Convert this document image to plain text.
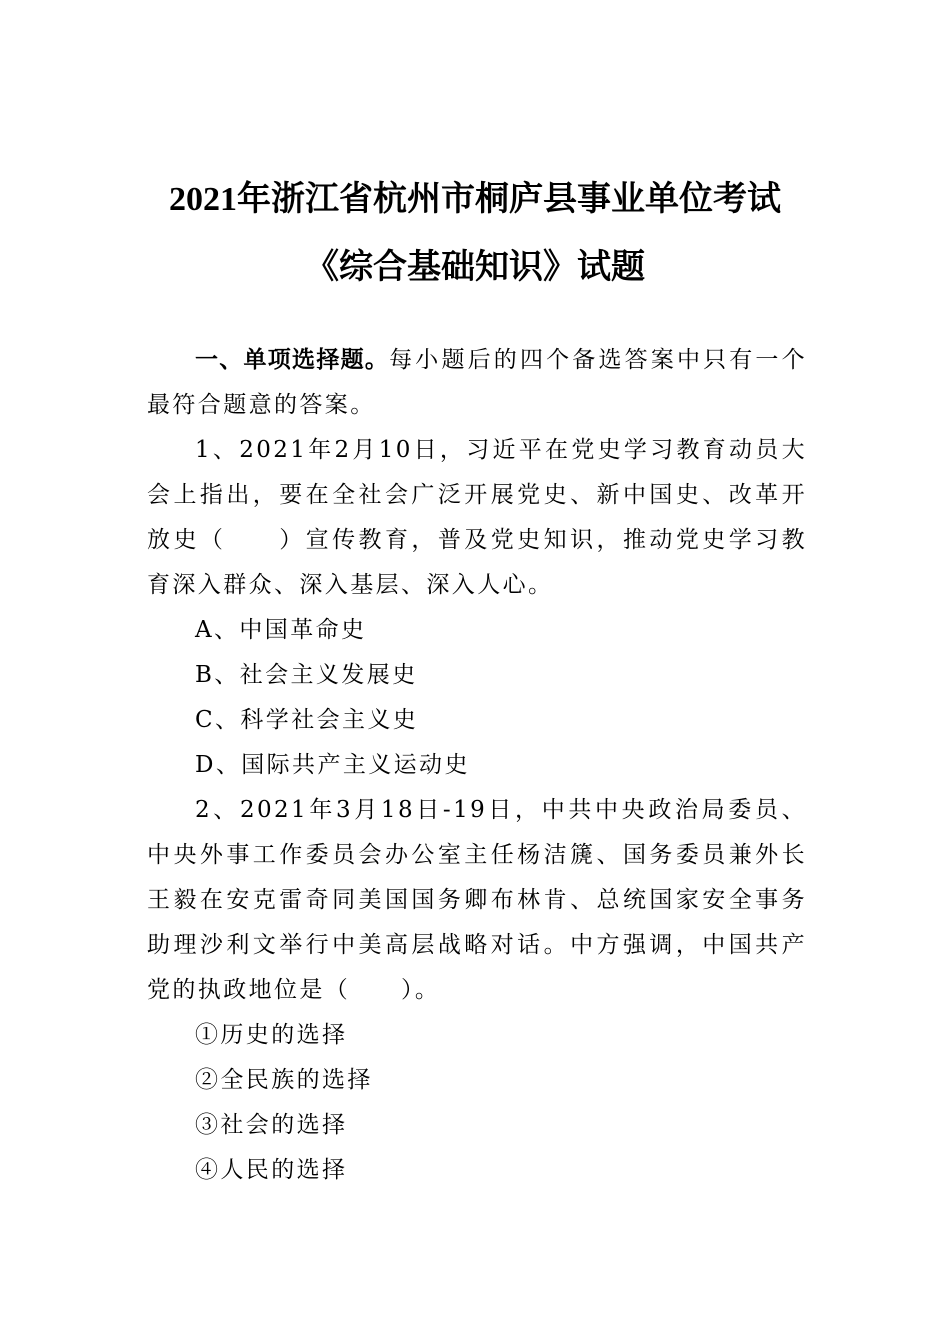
2021年浙江省杭州市桐庐县事业单位考试
《综合基础知识》试题

一、单项选择题。每小题后的四个备选答案中只有一个最符合题意的答案。

1、2021年2月10日，习近平在党史学习教育动员大会上指出，要在全社会广泛开展党史、新中国史、改革开放史（　　）宣传教育，普及党史知识，推动党史学习教育深入群众、深入基层、深入人心。

A、中国革命史

B、社会主义发展史

C、科学社会主义史

D、国际共产主义运动史

2、2021年3月18日-19日，中共中央政治局委员、中央外事工作委员会办公室主任杨洁篪、国务委员兼外长王毅在安克雷奇同美国国务卿布林肯、总统国家安全事务助理沙利文举行中美高层战略对话。中方强调，中国共产党的执政地位是（　　）。

①历史的选择

②全民族的选择

③社会的选择

④人民的选择
